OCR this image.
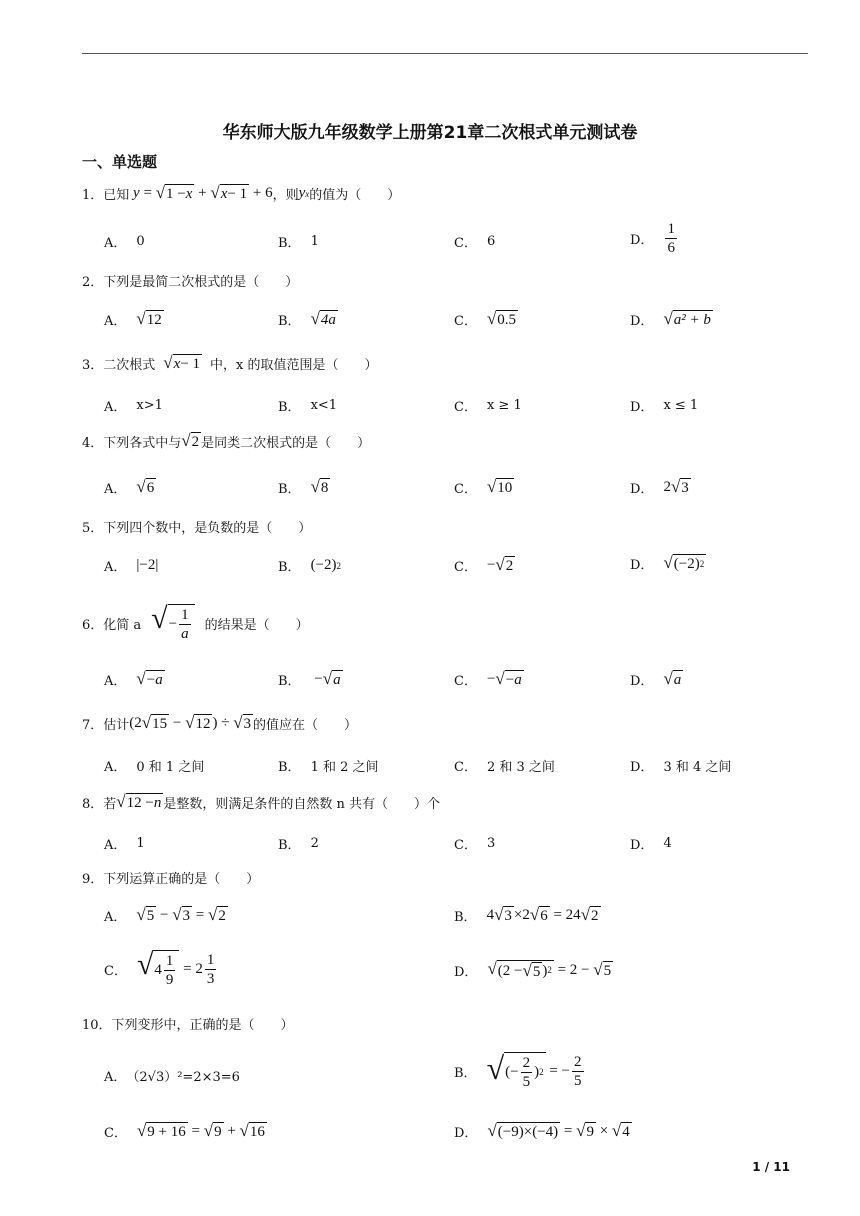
华东师大版九年级数学上册第21章二次根式单元测试卷
一、单选题
1． 已知
y = √ 1 − x + √ x − 1 + 6 ，则 y x 的值为（　　）
A． 0	B． 1	C． 6	D． $\frac{1}{6}$
2． 下列是最简二次根式的是（　　）
A． √ 12	B． √ 4a	C． √ 0.5	D． √ a² + b
3． 二次根式 √ x − 1 中，x 的取值范围是（　　）
A． x>1	B． x<1	C． x ≥ 1	D． x ≤ 1
4． 下列各式中与 √ 2 是同类二次根式的是（　　）
A． √ 6	B． √ 8	C． √ 10	D． 2 √ 3
5． 下列四个数中，是负数的是（　　）
A． |−2|	B． (−2) 2	C． − √ 2	D． √ (−2) 2
6． 化简 a √ − $\frac{1}{a}$ 的结果是（　　）
A． √ − a	B． − √ a	C． − √ − a	D． √ a
7． 估计 (2 √ 15 − √ 12 ) ÷ √ 3 的值应在（　　）
A． 0 和 1 之间	B． 1 和 2 之间	C． 2 和 3 之间	D． 3 和 4 之间
8． 若 √ 12 − n 是整数，则满足条件的自然数 n 共有（　　）个
A． 1	B． 2	C． 3	D． 4
9． 下列运算正确的是（　　）
A． √ 5 − √ 3 = √ 2	B． 4 √ 3 ×2 √ 6 = 24 √ 2
C． √ $4 \frac{1}{9} = 2 \frac{1}{3}$	D． √ (2 − √ 5 ) 2 = 2 − √ 5
10． 下列变形中，正确的是（　　）
A． （2√3）²=2×3=6	B． √ (− $\frac{2}{5}$ ) 2 = − $\frac{2}{5}$
C． √ 9 + 16 = √ 9 + √ 16	D． √ (−9)×(−4) = √ 9 × √ 4
1 / 11
